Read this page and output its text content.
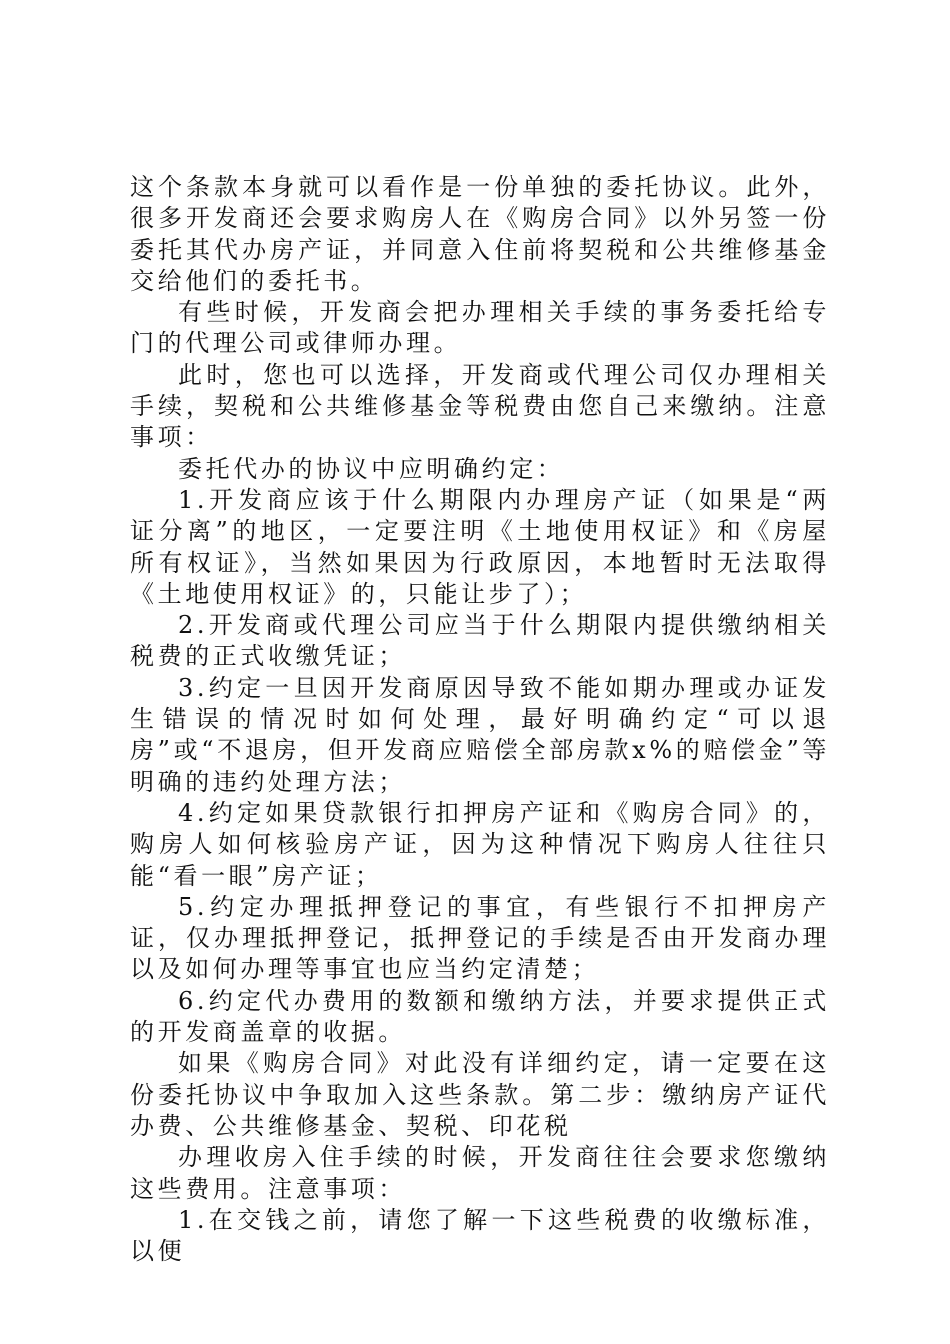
这个条款本身就可以看作是一份单独的委托协议。此外，很多开发商还会要求购房人在《购房合同》以外另签一份委托其代办房产证，并同意入住前将契税和公共维修基金交给他们的委托书。

有些时候，开发商会把办理相关手续的事务委托给专门的代理公司或律师办理。

此时，您也可以选择，开发商或代理公司仅办理相关手续，契税和公共维修基金等税费由您自己来缴纳。注意事项：

委托代办的协议中应明确约定：

1.开发商应该于什么期限内办理房产证（如果是“两证分离”的地区，一定要注明《土地使用权证》和《房屋所有权证》，当然如果因为行政原因，本地暂时无法取得《土地使用权证》的，只能让步了）；

2.开发商或代理公司应当于什么期限内提供缴纳相关税费的正式收缴凭证；

3.约定一旦因开发商原因导致不能如期办理或办证发生错误的情况时如何处理，最好明确约定“可以退房”或“不退房，但开发商应赔偿全部房款x%的赔偿金”等明确的违约处理方法；

4.约定如果贷款银行扣押房产证和《购房合同》的，购房人如何核验房产证，因为这种情况下购房人往往只能“看一眼”房产证；

5.约定办理抵押登记的事宜，有些银行不扣押房产证，仅办理抵押登记，抵押登记的手续是否由开发商办理以及如何办理等事宜也应当约定清楚；

6.约定代办费用的数额和缴纳方法，并要求提供正式的开发商盖章的收据。

如果《购房合同》对此没有详细约定，请一定要在这份委托协议中争取加入这些条款。第二步：缴纳房产证代办费、公共维修基金、契税、印花税

办理收房入住手续的时候，开发商往往会要求您缴纳这些费用。注意事项：

1.在交钱之前，请您了解一下这些税费的收缴标准，以便
